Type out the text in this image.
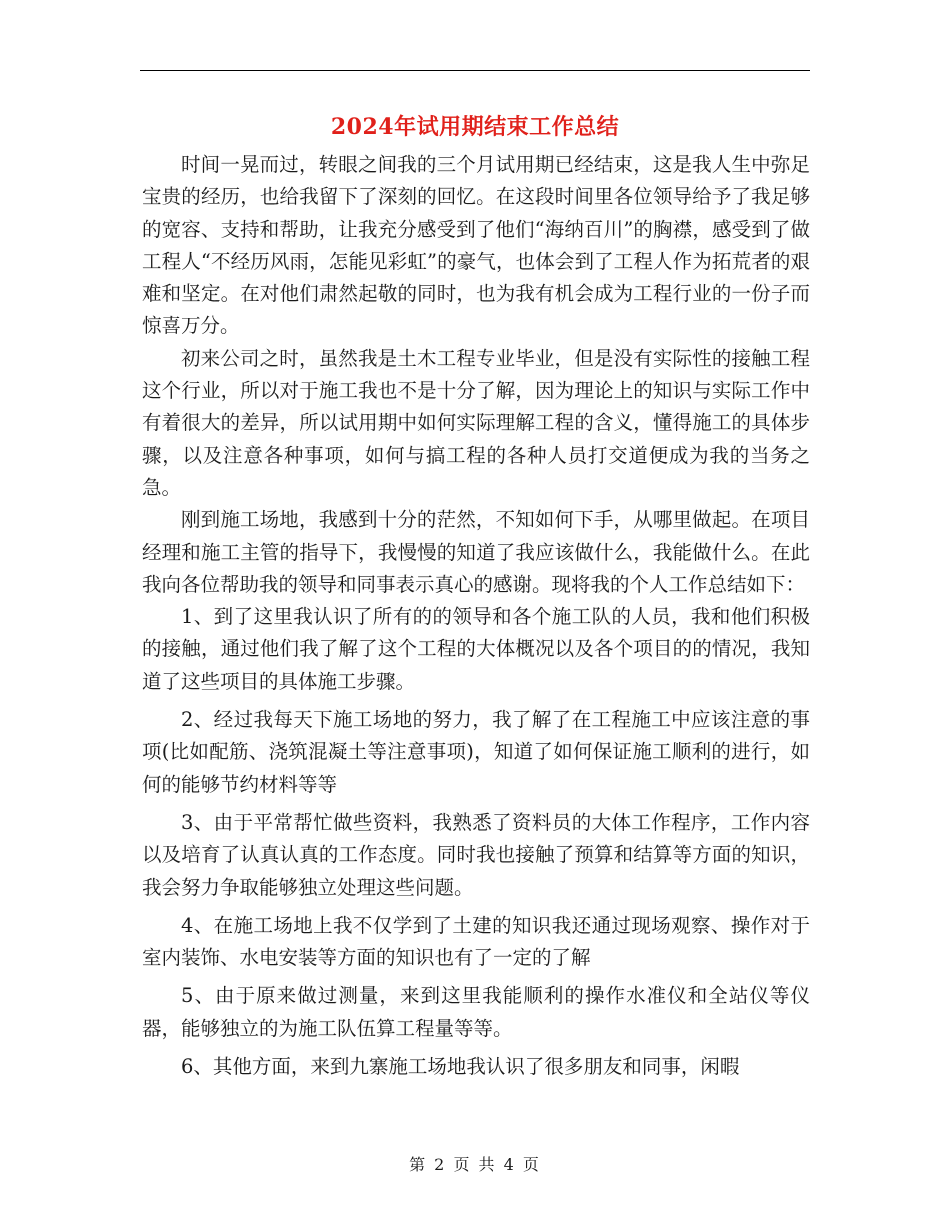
2024年试用期结束工作总结

时间一晃而过，转眼之间我的三个月试用期已经结束，这是我人生中弥足宝贵的经历，也给我留下了深刻的回忆。在这段时间里各位领导给予了我足够的宽容、支持和帮助，让我充分感受到了他们“海纳百川”的胸襟，感受到了做工程人“不经历风雨，怎能见彩虹”的豪气，也体会到了工程人作为拓荒者的艰难和坚定。在对他们肃然起敬的同时，也为我有机会成为工程行业的一份子而惊喜万分。

初来公司之时，虽然我是土木工程专业毕业，但是没有实际性的接触工程这个行业，所以对于施工我也不是十分了解，因为理论上的知识与实际工作中有着很大的差异，所以试用期中如何实际理解工程的含义，懂得施工的具体步骤，以及注意各种事项，如何与搞工程的各种人员打交道便成为我的当务之急。

刚到施工场地，我感到十分的茫然，不知如何下手，从哪里做起。在项目经理和施工主管的指导下，我慢慢的知道了我应该做什么，我能做什么。在此我向各位帮助我的领导和同事表示真心的感谢。现将我的个人工作总结如下：

1、到了这里我认识了所有的的领导和各个施工队的人员，我和他们积极的接触，通过他们我了解了这个工程的大体概况以及各个项目的的情况，我知道了这些项目的具体施工步骤。

2、经过我每天下施工场地的努力，我了解了在工程施工中应该注意的事项(比如配筋、浇筑混凝土等注意事项)，知道了如何保证施工顺利的进行，如何的能够节约材料等等

3、由于平常帮忙做些资料，我熟悉了资料员的大体工作程序，工作内容以及培育了认真认真的工作态度。同时我也接触了预算和结算等方面的知识，我会努力争取能够独立处理这些问题。

4、在施工场地上我不仅学到了土建的知识我还通过现场观察、操作对于室内装饰、水电安装等方面的知识也有了一定的了解

5、由于原来做过测量，来到这里我能顺利的操作水准仪和全站仪等仪器，能够独立的为施工队伍算工程量等等。

6、其他方面，来到九寨施工场地我认识了很多朋友和同事，闲暇

第 2 页 共 4 页
